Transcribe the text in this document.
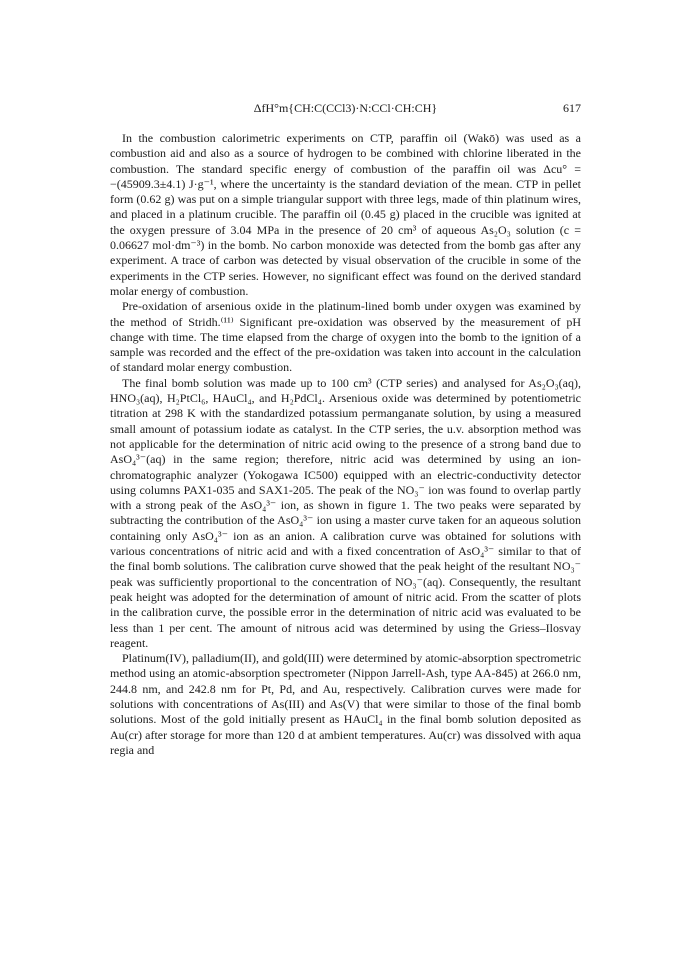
ΔfH°m{CH:C(CCl3)·N:CCl·CH:CH}	617

In the combustion calorimetric experiments on CTP, paraffin oil (Wakō) was used as a combustion aid and also as a source of hydrogen to be combined with chlorine liberated in the combustion. The standard specific energy of combustion of the paraffin oil was Δcu° = −(45909.3±4.1) J·g⁻¹, where the uncertainty is the standard deviation of the mean. CTP in pellet form (0.62 g) was put on a simple triangular support with three legs, made of thin platinum wires, and placed in a platinum crucible. The paraffin oil (0.45 g) placed in the crucible was ignited at the oxygen pressure of 3.04 MPa in the presence of 20 cm³ of aqueous As₂O₃ solution (c = 0.06627 mol·dm⁻³) in the bomb. No carbon monoxide was detected from the bomb gas after any experiment. A trace of carbon was detected by visual observation of the crucible in some of the experiments in the CTP series. However, no significant effect was found on the derived standard molar energy of combustion.

Pre-oxidation of arsenious oxide in the platinum-lined bomb under oxygen was examined by the method of Stridh.⁽¹¹⁾ Significant pre-oxidation was observed by the measurement of pH change with time. The time elapsed from the charge of oxygen into the bomb to the ignition of a sample was recorded and the effect of the pre-oxidation was taken into account in the calculation of standard molar energy combustion.

The final bomb solution was made up to 100 cm³ (CTP series) and analysed for As₂O₃(aq), HNO₃(aq), H₂PtCl₆, HAuCl₄, and H₂PdCl₄. Arsenious oxide was determined by potentiometric titration at 298 K with the standardized potassium permanganate solution, by using a measured small amount of potassium iodate as catalyst. In the CTP series, the u.v. absorption method was not applicable for the determination of nitric acid owing to the presence of a strong band due to AsO₄³⁻(aq) in the same region; therefore, nitric acid was determined by using an ion-chromatographic analyzer (Yokogawa IC500) equipped with an electric-conductivity detector using columns PAX1-035 and SAX1-205. The peak of the NO₃⁻ ion was found to overlap partly with a strong peak of the AsO₄³⁻ ion, as shown in figure 1. The two peaks were separated by subtracting the contribution of the AsO₄³⁻ ion using a master curve taken for an aqueous solution containing only AsO₄³⁻ ion as an anion. A calibration curve was obtained for solutions with various concentrations of nitric acid and with a fixed concentration of AsO₄³⁻ similar to that of the final bomb solutions. The calibration curve showed that the peak height of the resultant NO₃⁻ peak was sufficiently proportional to the concentration of NO₃⁻(aq). Consequently, the resultant peak height was adopted for the determination of amount of nitric acid. From the scatter of plots in the calibration curve, the possible error in the determination of nitric acid was evaluated to be less than 1 per cent. The amount of nitrous acid was determined by using the Griess–Ilosvay reagent.

Platinum(IV), palladium(II), and gold(III) were determined by atomic-absorption spectrometric method using an atomic-absorption spectrometer (Nippon Jarrell-Ash, type AA-845) at 266.0 nm, 244.8 nm, and 242.8 nm for Pt, Pd, and Au, respectively. Calibration curves were made for solutions with concentrations of As(III) and As(V) that were similar to those of the final bomb solutions. Most of the gold initially present as HAuCl₄ in the final bomb solution deposited as Au(cr) after storage for more than 120 d at ambient temperatures. Au(cr) was dissolved with aqua regia and
